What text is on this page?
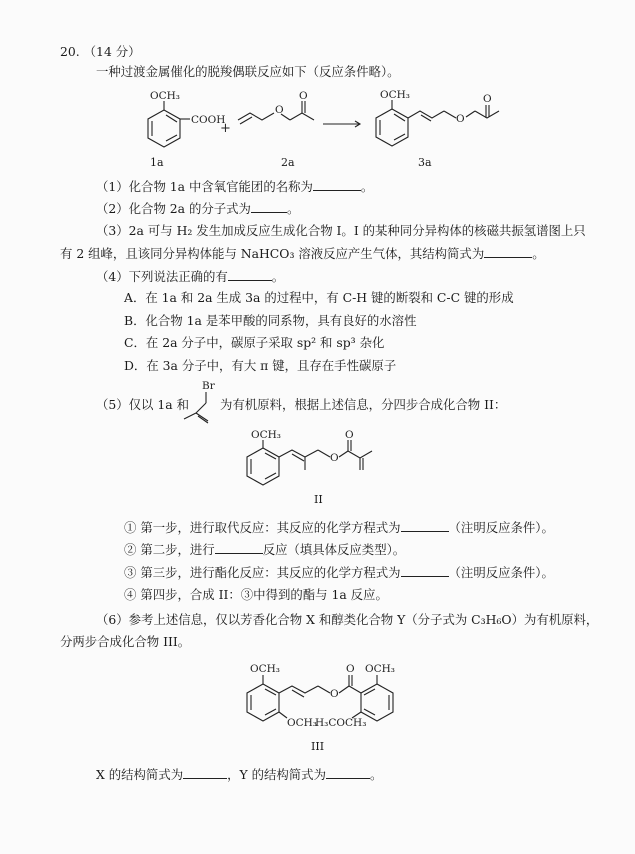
20. （14 分）
一种过渡金属催化的脱羧偶联反应如下（反应条件略）。
OCH₃
COOH
+
O
O	OCH₃
O
O
1a	2a	3a
（1）化合物 1a 中含氧官能团的名称为	。
（2）化合物 2a 的分子式为	。
（3）2a 可与 H₂ 发生加成反应生成化合物 I。I 的某种同分异构体的核磁共振氢谱图上只
有 2 组峰，且该同分异构体能与 NaHCO₃ 溶液反应产生气体，其结构简式为	。
（4）下列说法正确的有	。
A．在 1a 和 2a 生成 3a 的过程中，有 C-H 键的断裂和 C-C 键的形成
B．化合物 1a 是苯甲酸的同系物，具有良好的水溶性
C．在 2a 分子中，碳原子采取 sp² 和 sp³ 杂化
D．在 3a 分子中，有大 π 键，且存在手性碳原子
（5）仅以 1a 和
Br
为有机原料，根据上述信息，分四步合成化合物 II：
OCH₃
O
O
II
① 第一步，进行取代反应：其反应的化学方程式为	（注明反应条件）。
② 第二步，进行	反应（填具体反应类型）。
③ 第三步，进行酯化反应：其反应的化学方程式为	（注明反应条件）。
④ 第四步，合成 II：③中得到的酯与 1a 反应。
（6）参考上述信息，仅以芳香化合物 X 和醇类化合物 Y（分子式为 C₃H₆O）为有机原料，
分两步合成化合物 III。
OCH₃
OCH₃
O
O OCH₃
H₃COCH₃
III
X 的结构简式为	，Y 的结构简式为	。
